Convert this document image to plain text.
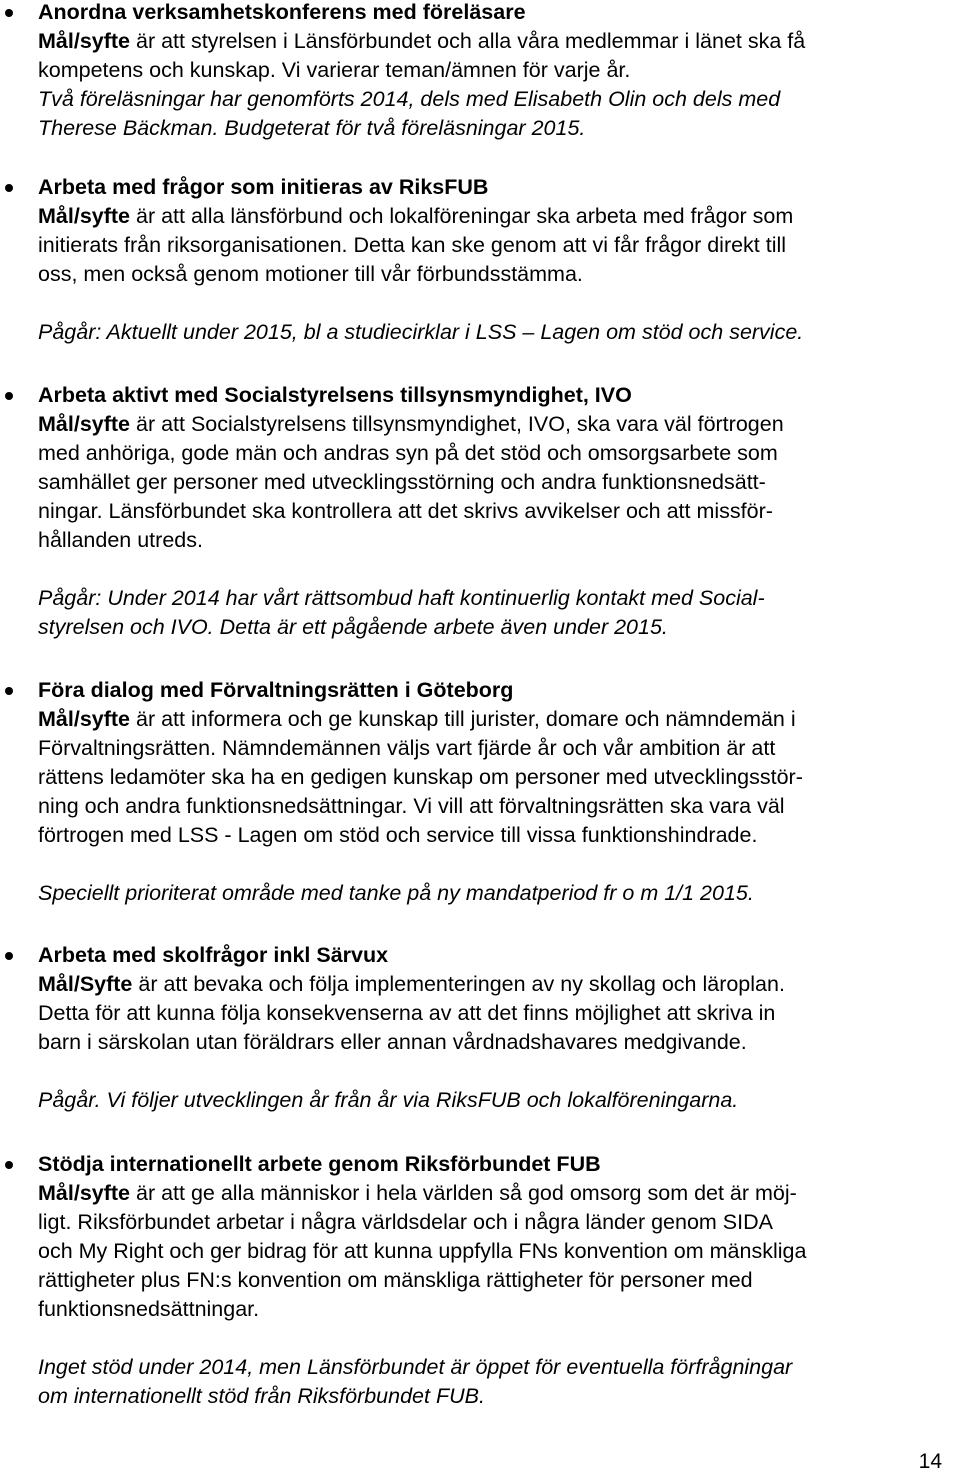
Anordna verksamhetskonferens med föreläsare
Mål/syfte är att styrelsen i Länsförbundet och alla våra medlemmar i länet ska få
kompetens och kunskap. Vi varierar teman/ämnen för varje år.
Två föreläsningar har genomförts 2014, dels med Elisabeth Olin och dels med
Therese Bäckman. Budgeterat för två föreläsningar 2015.
Arbeta med frågor som initieras av RiksFUB
Mål/syfte är att alla länsförbund och lokalföreningar ska arbeta med frågor som
initierats från riksorganisationen. Detta kan ske genom att vi får frågor direkt till
oss, men också genom motioner till vår förbundsstämma.
Pågår: Aktuellt under 2015, bl a studiecirklar i LSS – Lagen om stöd och service.
Arbeta aktivt med Socialstyrelsens tillsynsmyndighet, IVO
Mål/syfte är att Socialstyrelsens tillsynsmyndighet, IVO, ska vara väl förtrogen
med anhöriga, gode män och andras syn på det stöd och omsorgsarbete som
samhället ger personer med utvecklingsstörning och andra funktionsnedsätt-
ningar. Länsförbundet ska kontrollera att det skrivs avvikelser och att missför-
hållanden utreds.
Pågår: Under 2014 har vårt rättsombud haft kontinuerlig kontakt med Social-
styrelsen och IVO. Detta är ett pågående arbete även under 2015.
Föra dialog med Förvaltningsrätten i Göteborg
Mål/syfte är att informera och ge kunskap till jurister, domare och nämndemän i
Förvaltningsrätten. Nämndemännen väljs vart fjärde år och vår ambition är att
rättens ledamöter ska ha en gedigen kunskap om personer med utvecklingsstör-
ning och andra funktionsnedsättningar. Vi vill att förvaltningsrätten ska vara väl
förtrogen med LSS - Lagen om stöd och service till vissa funktionshindrade.
Speciellt prioriterat område med tanke på ny mandatperiod fr o m 1/1 2015.
Arbeta med skolfrågor inkl Särvux
Mål/Syfte är att bevaka och följa implementeringen av ny skollag och läroplan.
Detta för att kunna följa konsekvenserna av att det finns möjlighet att skriva in
barn i särskolan utan föräldrars eller annan vårdnadshavares medgivande.
Pågår. Vi följer utvecklingen år från år via RiksFUB och lokalföreningarna.
Stödja internationellt arbete genom Riksförbundet FUB
Mål/syfte är att ge alla människor i hela världen så god omsorg som det är möj-
ligt. Riksförbundet arbetar i några världsdelar och i några länder genom SIDA
och My Right och ger bidrag för att kunna uppfylla FNs konvention om mänskliga
rättigheter plus FN:s konvention om mänskliga rättigheter för personer med
funktionsnedsättningar.
Inget stöd under 2014, men Länsförbundet är öppet för eventuella förfrågningar
om internationellt stöd från Riksförbundet FUB.
14
